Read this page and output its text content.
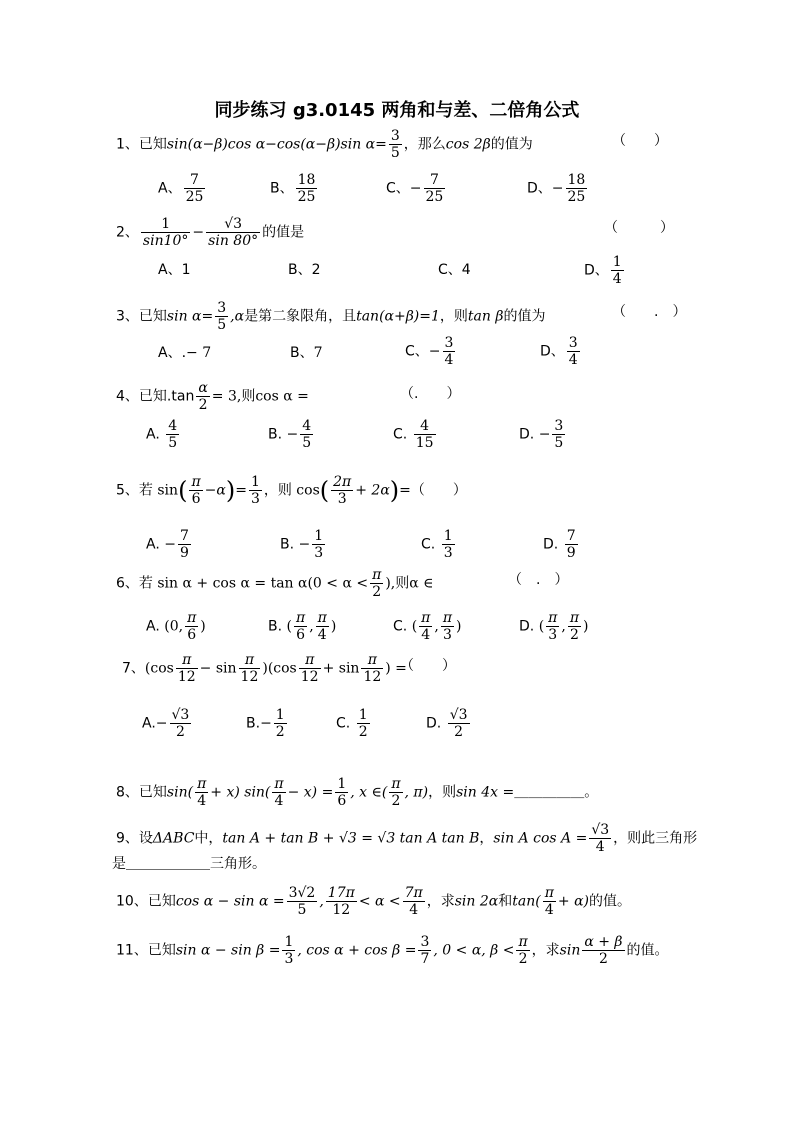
同步练习 g3.0145 两角和与差、二倍角公式
1、已知sin(α−β)cos α−cos(α−β)sin $\alpha= \frac{3}{5}$ ，那么cos 2β的值为	（　　）
A、 $\frac{7}{25}$	B、 $\frac{18}{25}$	C、− $\frac{7}{25}$	D、− $\frac{18}{25}$
2、 $\frac{1}{\sin 10^\circ} - \frac{√3}{\sin 80^\circ}$ 的值是	（　　　）
A、1	B、2	C、4	D、 $\frac{1}{4}$
3、已知$\sin \alpha= \frac{3}{5} ,\alpha$是第二象限角，且tan(α+β)=1，则tan β的值为	（　　.　）
A、.− 7	B、7	C、− $\frac{3}{4}$	D、 $\frac{3}{4}$
4、已知$.\tan \frac{\alpha}{2} = 3$,则cos α =	（.　　）
A. $\frac{4}{5}$	B. − $\frac{4}{5}$	C. $\frac{4}{15}$	D. − $\frac{3}{5}$
5、若 $\sin( \frac{\pi}{6} -\alpha)= \frac{1}{3}$ ，则 $\cos( \frac{2\pi}{3} + 2\alpha)=$（　　）
A. − $\frac{7}{9}$	B. − $\frac{1}{3}$	C. $\frac{1}{3}$	D. $\frac{7}{9}$
6、若 $\sin \alpha + \cos \alpha = \tan \alpha(0 < \alpha < \frac{\pi}{2}$ ),则α ∈	（　.　）
A. (0, $\frac{\pi}{6}$ )	B. ( $\frac{\pi}{6}$ , $\frac{\pi}{4}$ )	C. ( $\frac{\pi}{4}$ , $\frac{\pi}{3}$ )	D. ( $\frac{\pi}{3}$ , $\frac{\pi}{2}$ )
7、$(\cos \frac{\pi}{12} - \sin \frac{\pi}{12} )(\cos \frac{\pi}{12} + \sin \frac{\pi}{12}$ ) =
（　　）
$A.- \frac{√3}{2}$	$B.- \frac{1}{2}$	C. $\frac{1}{2}$	D. $\frac{√3}{2}$
8、已知$\sin( \frac{\pi}{4} + x)$ $\sin( \frac{\pi}{4} - x) = \frac{1}{6}$ , x ∈( $\frac{\pi}{2}$ , π)，则sin 4x =＿＿＿＿＿。
9、设ΔABC中，tan A + tan B + √3 = √3 tan A tan B，sin A $\cos A = \frac{√3}{4}$ ，则此三角形
是＿＿＿＿＿＿三角形。
10、已知$\cos \alpha - \sin \alpha = \frac{3√2}{5}$ , $\frac{17\pi}{12} < \alpha < \frac{7\pi}{4}$ ，求sin 2α和$\tan( \frac{\pi}{4} + \alpha)$的值。
11、已知$\sin \alpha - \sin \beta = \frac{1}{3}$ , $\cos \alpha + \cos \beta = \frac{3}{7}$ , 0 < α, $\beta < \frac{\pi}{2}$ ，求$\sin \frac{\alpha + \beta}{2}$ 的值。
